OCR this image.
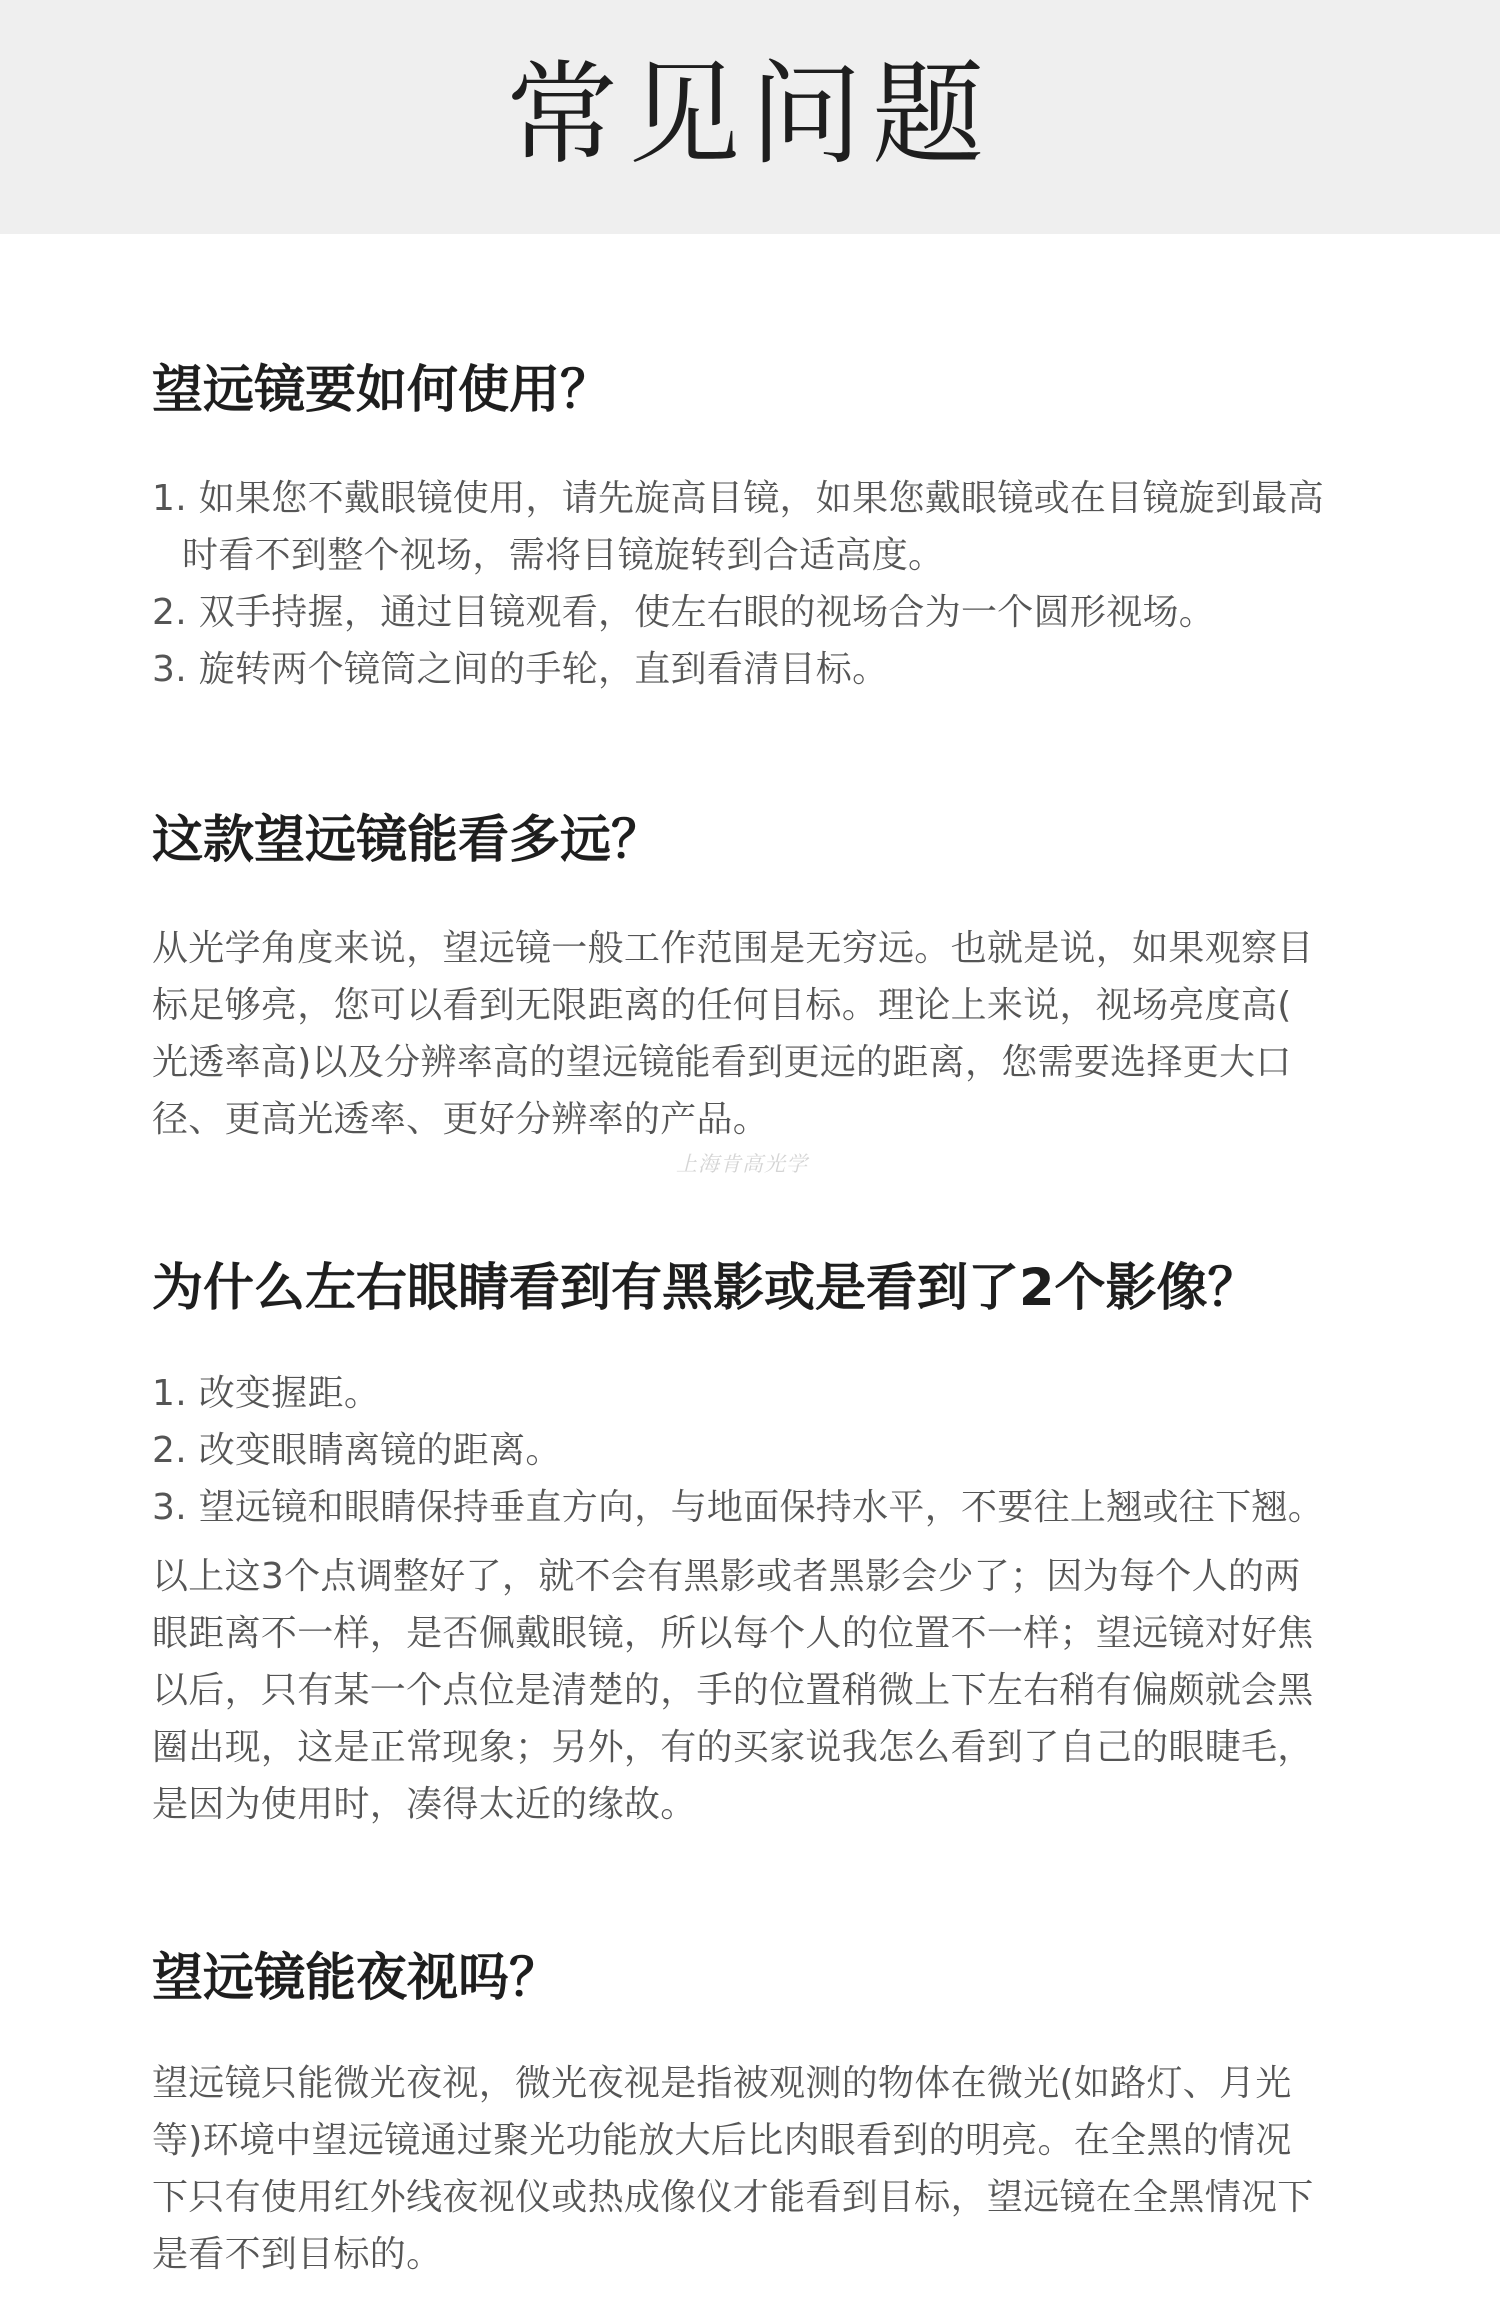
常见问题
望远镜要如何使用？
1. 如果您不戴眼镜使用，请先旋高目镜，如果您戴眼镜或在目镜旋到最高
时看不到整个视场，需将目镜旋转到合适高度。
2. 双手持握，通过目镜观看，使左右眼的视场合为一个圆形视场。
3. 旋转两个镜筒之间的手轮，直到看清目标。
这款望远镜能看多远？
从光学角度来说，望远镜一般工作范围是无穷远。也就是说，如果观察目
标足够亮，您可以看到无限距离的任何目标。理论上来说，视场亮度高(
光透率高)以及分辨率高的望远镜能看到更远的距离，您需要选择更大口
径、更高光透率、更好分辨率的产品。
为什么左右眼睛看到有黑影或是看到了2个影像？
1. 改变握距。
2. 改变眼睛离镜的距离。
3. 望远镜和眼睛保持垂直方向，与地面保持水平，不要往上翘或往下翘。
以上这3个点调整好了，就不会有黑影或者黑影会少了；因为每个人的两
眼距离不一样，是否佩戴眼镜，所以每个人的位置不一样；望远镜对好焦
以后，只有某一个点位是清楚的，手的位置稍微上下左右稍有偏颇就会黑
圈出现，这是正常现象；另外，有的买家说我怎么看到了自己的眼睫毛，
是因为使用时，凑得太近的缘故。
望远镜能夜视吗？
望远镜只能微光夜视，微光夜视是指被观测的物体在微光(如路灯、月光
等)环境中望远镜通过聚光功能放大后比肉眼看到的明亮。在全黑的情况
下只有使用红外线夜视仪或热成像仪才能看到目标，望远镜在全黑情况下
是看不到目标的。
上海肯高光学
